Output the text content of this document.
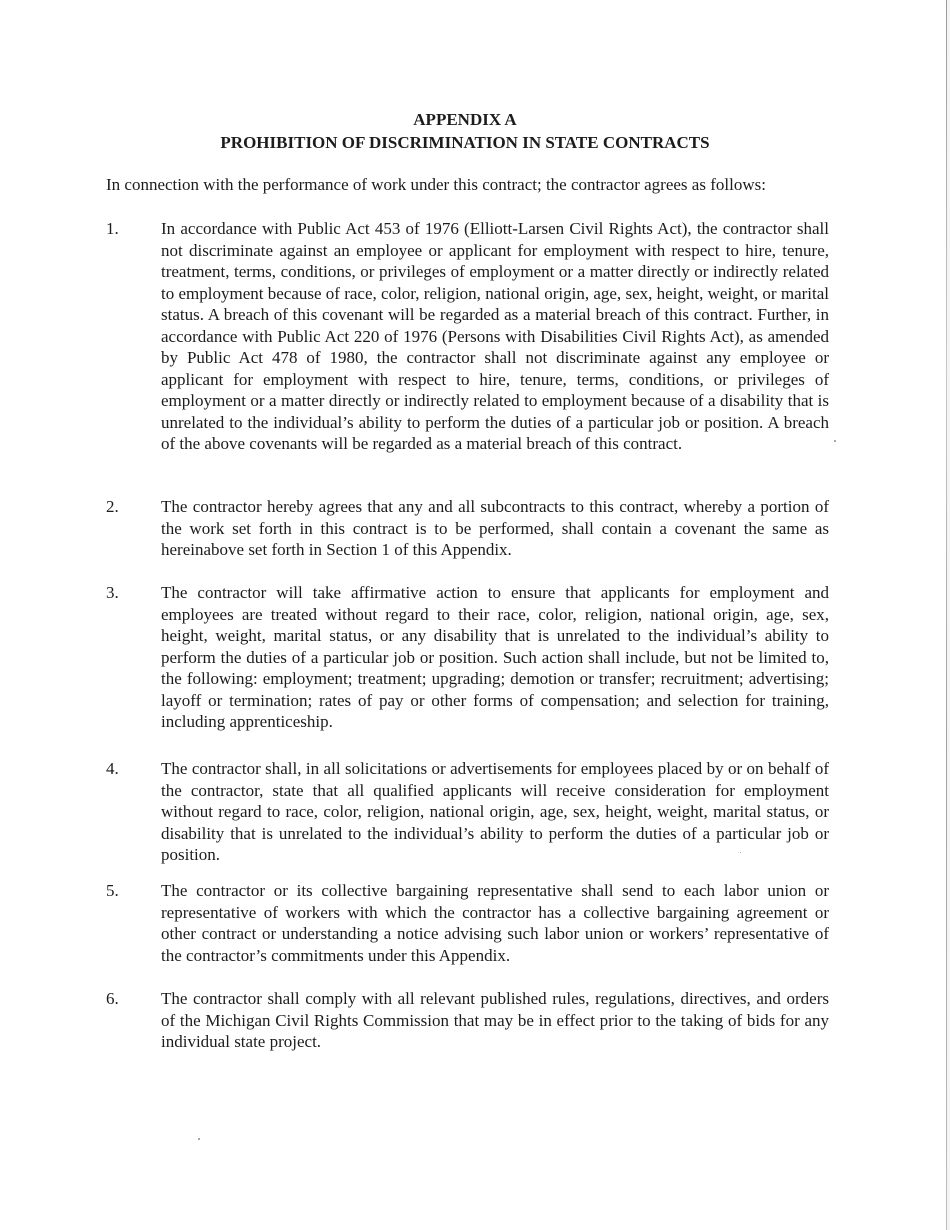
APPENDIX A
PROHIBITION OF DISCRIMINATION IN STATE CONTRACTS
In connection with the performance of work under this contract; the contractor agrees as follows:
1.	In accordance with Public Act 453 of 1976 (Elliott-Larsen Civil Rights Act), the contractor shall not discriminate against an employee or applicant for employment with respect to hire, tenure, treatment, terms, conditions, or privileges of employment or a matter directly or indirectly related to employment because of race, color, religion, national origin, age, sex, height, weight, or marital status. A breach of this covenant will be regarded as a material breach of this contract. Further, in accordance with Public Act 220 of 1976 (Persons with Disabilities Civil Rights Act), as amended by Public Act 478 of 1980, the contractor shall not discriminate against any employee or applicant for employment with respect to hire, tenure, terms, conditions, or privileges of employment or a matter directly or indirectly related to employment because of a disability that is unrelated to the individual’s ability to perform the duties of a particular job or position. A breach of the above covenants will be regarded as a material breach of this contract.
2.	The contractor hereby agrees that any and all subcontracts to this contract, whereby a portion of the work set forth in this contract is to be performed, shall contain a covenant the same as hereinabove set forth in Section 1 of this Appendix.
3.	The contractor will take affirmative action to ensure that applicants for employment and employees are treated without regard to their race, color, religion, national origin, age, sex, height, weight, marital status, or any disability that is unrelated to the individual’s ability to perform the duties of a particular job or position. Such action shall include, but not be limited to, the following: employment; treatment; upgrading; demotion or transfer; recruitment; advertising; layoff or termination; rates of pay or other forms of compensation; and selection for training, including apprenticeship.
4.	The contractor shall, in all solicitations or advertisements for employees placed by or on behalf of the contractor, state that all qualified applicants will receive consideration for employment without regard to race, color, religion, national origin, age, sex, height, weight, marital status, or disability that is unrelated to the individual’s ability to perform the duties of a particular job or position.
5.	The contractor or its collective bargaining representative shall send to each labor union or representative of workers with which the contractor has a collective bargaining agreement or other contract or understanding a notice advising such labor union or workers’ representative of the contractor’s commitments under this Appendix.
6.	The contractor shall comply with all relevant published rules, regulations, directives, and orders of the Michigan Civil Rights Commission that may be in effect prior to the taking of bids for any individual state project.
